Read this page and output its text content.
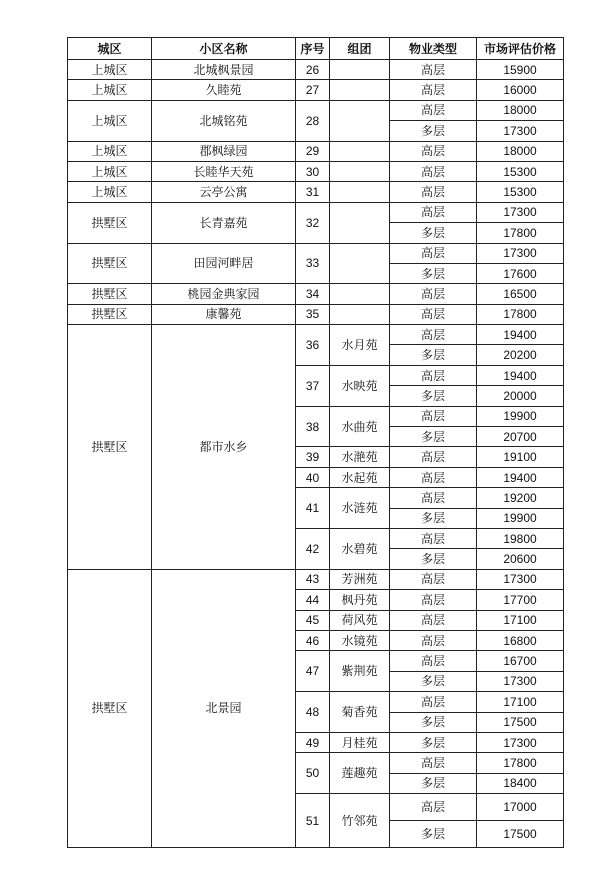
城区	小区名称	序号	组团	物业类型	市场评估价格
上城区	北城枫景园	26		高层	15900
上城区	久睦苑	27		高层	16000
上城区	北城铭苑	28		高层	18000
				多层	17300
上城区	郡枫绿园	29		高层	18000
上城区	长睦华天苑	30		高层	15300
上城区	云亭公寓	31		高层	15300
拱墅区	长青嘉苑	32		高层	17300
				多层	17800
拱墅区	田园河畔居	33		高层	17300
				多层	17600
拱墅区	桃园金典家园	34		高层	16500
拱墅区	康馨苑	35		高层	17800
拱墅区	都市水乡	36	水月苑	高层	19400
				多层	20200
		37	水映苑	高层	19400
				多层	20000
		38	水曲苑	高层	19900
				多层	20700
		39	水滟苑	高层	19100
		40	水起苑	高层	19400
		41	水涟苑	高层	19200
				多层	19900
		42	水碧苑	高层	19800
				多层	20600
拱墅区	北景园	43	芳洲苑	高层	17300
		44	枫丹苑	高层	17700
		45	荷风苑	高层	17100
		46	水镜苑	高层	16800
		47	紫荆苑	高层	16700
				多层	17300
		48	菊香苑	高层	17100
				多层	17500
		49	月桂苑	多层	17300
		50	莲趣苑	高层	17800
				多层	18400
		51	竹邻苑	高层	17000
				多层	17500
